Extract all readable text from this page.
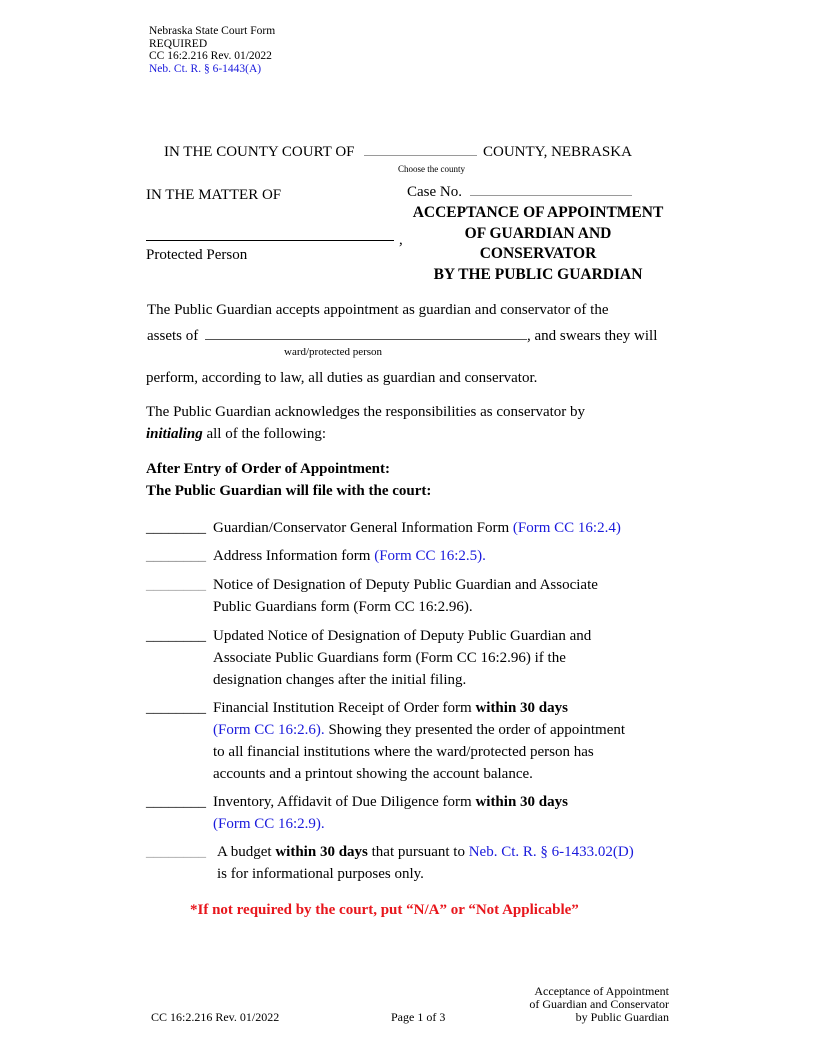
Nebraska State Court Form
REQUIRED
CC 16:2.216 Rev. 01/2022
Neb. Ct. R. § 6-1443(A)
IN THE COUNTY COURT OF	COUNTY, NEBRASKA
Choose the county
IN THE MATTER OF
,
Protected Person
Case No.
ACCEPTANCE OF APPOINTMENT
OF GUARDIAN AND
CONSERVATOR
BY THE PUBLIC GUARDIAN
The Public Guardian accepts appointment as guardian and conservator of the
assets of	, and swears they will
ward/protected person
perform, according to law, all duties as guardian and conservator.
The Public Guardian acknowledges the responsibilities as conservator by
initialing all of the following:
After Entry of Order of Appointment:
The Public Guardian will file with the court:
________ Guardian/Conservator General Information Form (Form CC 16:2.4)
________ Address Information form (Form CC 16:2.5).
________ Notice of Designation of Deputy Public Guardian and Associate
Public Guardians form (Form CC 16:2.96).
________ Updated Notice of Designation of Deputy Public Guardian and
Associate Public Guardians form (Form CC 16:2.96) if the
designation changes after the initial filing.
________ Financial Institution Receipt of Order form within 30 days
(Form CC 16:2.6). Showing they presented the order of appointment
to all financial institutions where the ward/protected person has
accounts and a printout showing the account balance.
________ Inventory, Affidavit of Due Diligence form within 30 days
(Form CC 16:2.9).
________ A budget within 30 days that pursuant to Neb. Ct. R. § 6-1433.02(D)
is for informational purposes only.
*If not required by the court, put “N/A” or “Not Applicable”
CC 16:2.216 Rev. 01/2022	Page 1 of 3
Acceptance of Appointment
of Guardian and Conservator
by Public Guardian
